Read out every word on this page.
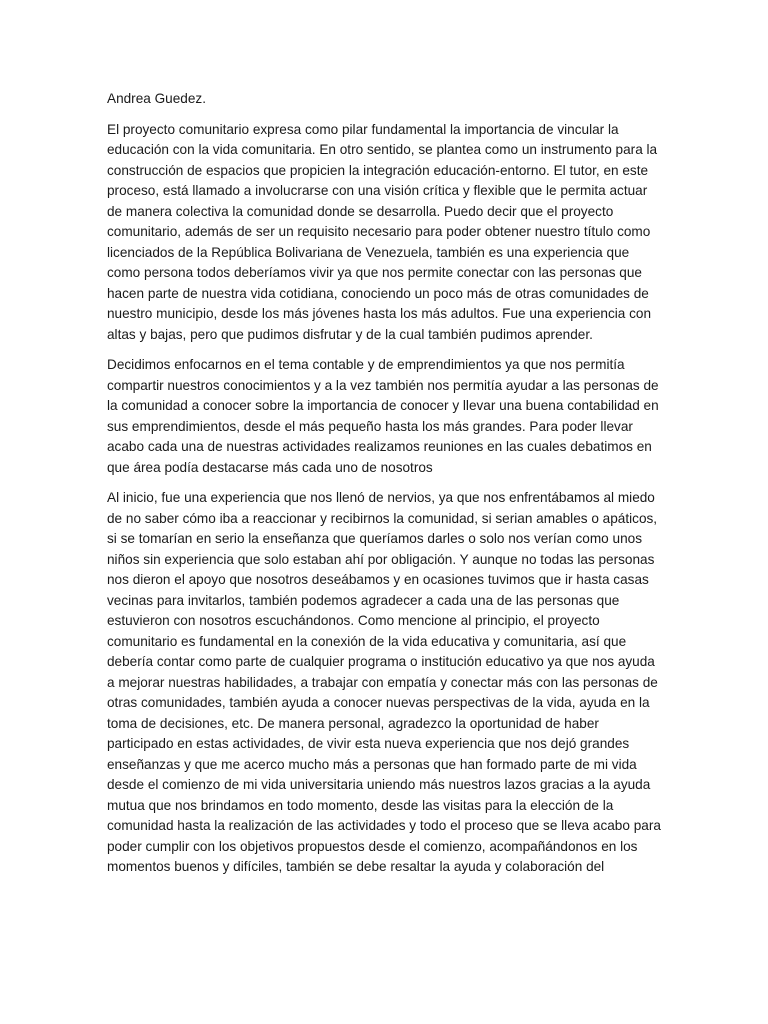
Andrea Guedez.

El proyecto comunitario expresa como pilar fundamental la importancia de vincular la educación con la vida comunitaria. En otro sentido, se plantea como un instrumento para la construcción de espacios que propicien la integración educación-entorno. El tutor, en este proceso, está llamado a involucrarse con una visión crítica y flexible que le permita actuar de manera colectiva la comunidad donde se desarrolla. Puedo decir que el proyecto comunitario, además de ser un requisito necesario para poder obtener nuestro título como licenciados de la República Bolivariana de Venezuela, también es una experiencia que como persona todos deberíamos vivir ya que nos permite conectar con las personas que hacen parte de nuestra vida cotidiana, conociendo un poco más de otras comunidades de nuestro municipio, desde los más jóvenes hasta los más adultos. Fue una experiencia con altas y bajas, pero que pudimos disfrutar y de la cual también pudimos aprender.

Decidimos enfocarnos en el tema contable y de emprendimientos ya que nos permitía compartir nuestros conocimientos y a la vez también nos permitía ayudar a las personas de la comunidad a conocer sobre la importancia de conocer y llevar una buena contabilidad en sus emprendimientos, desde el más pequeño hasta los más grandes. Para poder llevar acabo cada una de nuestras actividades realizamos reuniones en las cuales debatimos en que área podía destacarse más cada uno de nosotros

Al inicio, fue una experiencia que nos llenó de nervios, ya que nos enfrentábamos al miedo de no saber cómo iba a reaccionar y recibirnos la comunidad, si serian amables o apáticos, si se tomarían en serio la enseñanza que queríamos darles o solo nos verían como unos niños sin experiencia que solo estaban ahí por obligación. Y aunque no todas las personas nos dieron el apoyo que nosotros deseábamos y en ocasiones tuvimos que ir hasta casas vecinas para invitarlos, también podemos agradecer a cada una de las personas que estuvieron con nosotros escuchándonos. Como mencione al principio, el proyecto comunitario es fundamental en la conexión de la vida educativa y comunitaria, así que debería contar como parte de cualquier programa o institución educativo ya que nos ayuda a mejorar nuestras habilidades, a trabajar con empatía y conectar más con las personas de otras comunidades, también ayuda a conocer nuevas perspectivas de la vida, ayuda en la toma de decisiones, etc. De manera personal, agradezco la oportunidad de haber participado en estas actividades, de vivir esta nueva experiencia que nos dejó grandes enseñanzas y que me acerco mucho más a personas que han formado parte de mi vida desde el comienzo de mi vida universitaria uniendo más nuestros lazos gracias a la ayuda mutua que nos brindamos en todo momento, desde las visitas para la elección de la comunidad hasta la realización de las actividades y todo el proceso que se lleva acabo para poder cumplir con los objetivos propuestos desde el comienzo, acompañándonos en los momentos buenos y difíciles, también se debe resaltar la ayuda y colaboración del
